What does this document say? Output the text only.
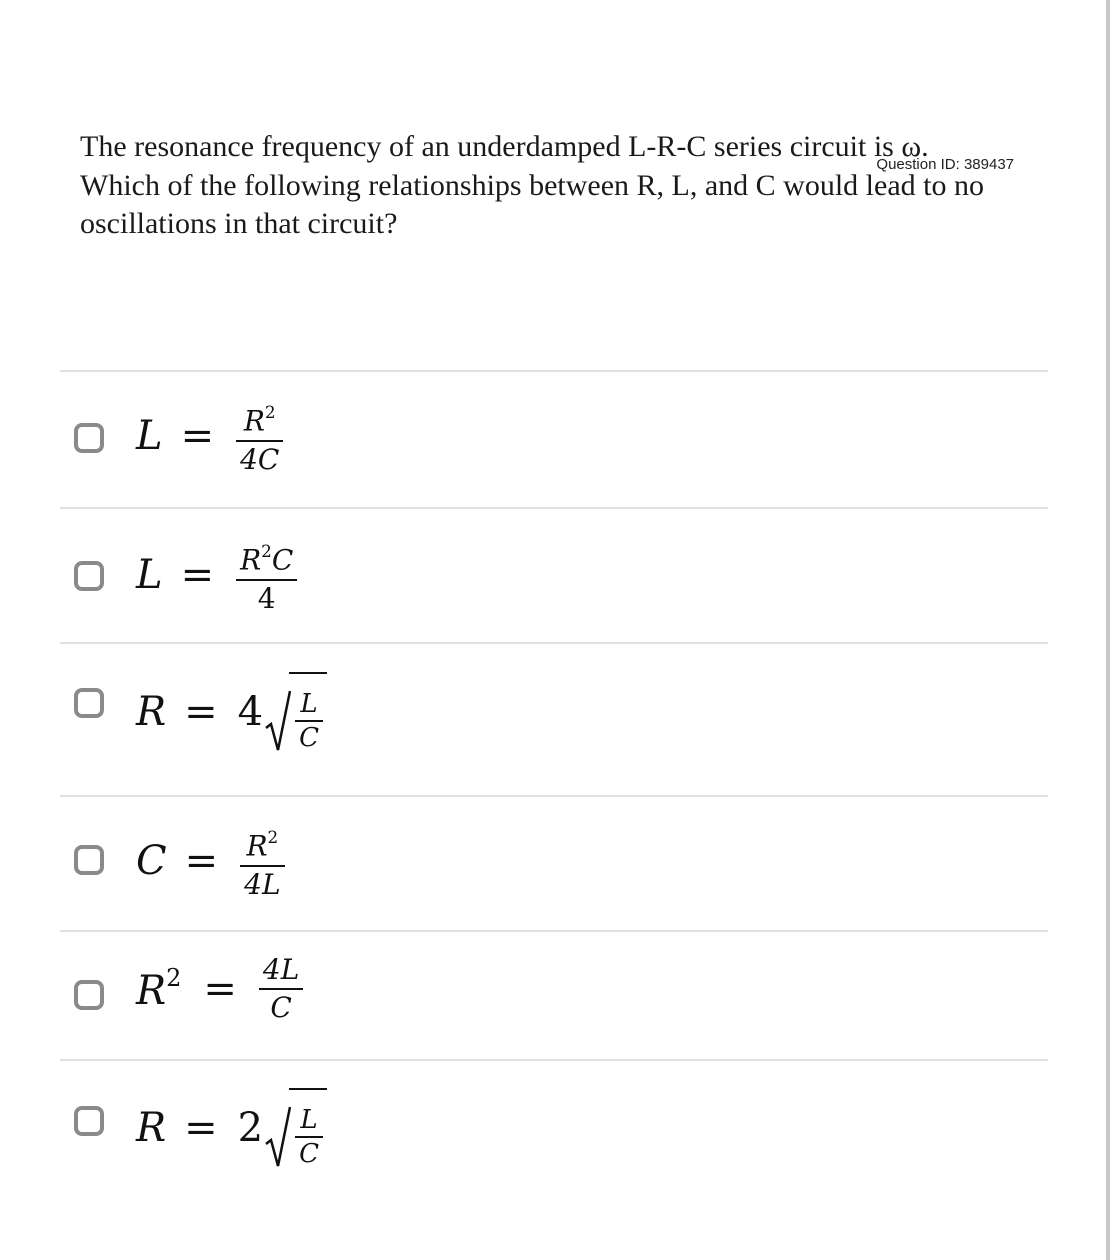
The resonance frequency of an underdamped L-R-C series circuit is ω. Which of the following relationships between R, L, and C would lead to no oscillations in that circuit?

Question ID: 389437
$L = \frac{R^2}{4C}$
$L = \frac{R^2C}{4}$
$R = 4 \frac{L}{C}$
$C = \frac{R^2}{4L}$
$R^2 = \frac{4L}{C}$
$R = 2 \frac{L}{C}$
